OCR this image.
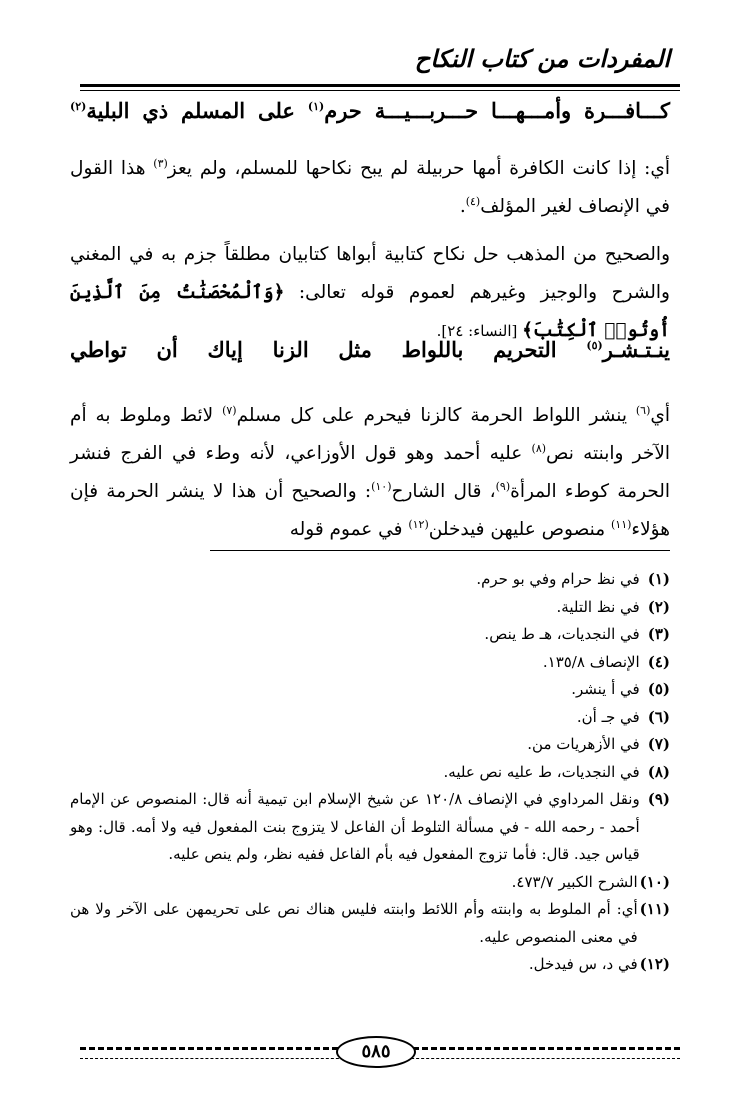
المفردات من كتاب النكاح
كـــافـــرة وأمـــهـــا حـــربـــيـــة حرم$^{(١)}$ على المسلم ذي البلية$^{(٢)}$

أي: إذا كانت الكافرة أمها حربيلة لم يبح نكاحها للمسلم، ولم يعز$^{(٣)}$ هذا القول في الإنصاف لغير المؤلف$^{(٤)}$.

والصحيح من المذهب حل نكاح كتابية أبواها كتابيان مطلقاً جزم به في المغني والشرح والوجيز وغيرهم لعموم قوله تعالى: ﴿وَٱلْمُحْصَنَٰتُ مِنَ ٱلَّذِينَ أُوتُوا۟ ٱلْكِتَٰبَ﴾ [النساء: ٢٤].

ينـتـشـر$^{(٥)}$ التحريم باللواط مثل الزنا إياك أن تواطي

أي$^{(٦)}$ ينشر اللواط الحرمة كالزنا فيحرم على كل مسلم$^{(٧)}$ لائط وملوط به أم الآخر وابنته نص$^{(٨)}$ عليه أحمد وهو قول الأوزاعي، لأنه وطء في الفرج فنشر الحرمة كوطء المرأة$^{(٩)}$، قال الشارح$^{(١٠)}$: والصحيح أن هذا لا ينشر الحرمة فإن هؤلاء$^{(١١)}$ منصوص عليهن فيدخلن$^{(١٢)}$ في عموم قوله

(١)
في نظ حرام وفي بو حرم.
(٢)
في نظ التلية.
(٣)
في النجديات، هـ ط ينص.
(٤)
الإنصاف ١٣٥/٨.
(٥)
في أ ينشر.
(٦)
في جـ أن.
(٧)
في الأزهريات من.
(٨)
في النجديات، ط عليه نص عليه.
(٩)
ونقل المرداوي في الإنصاف ١٢٠/٨ عن شيخ الإسلام ابن تيمية أنه قال: المنصوص عن الإمام أحمد - رحمه الله - في مسألة التلوط أن الفاعل لا يتزوج بنت المفعول فيه ولا أمه. قال: وهو قياس جيد. قال: فأما تزوج المفعول فيه بأم الفاعل ففيه نظر، ولم ينص عليه.
(١٠)
الشرح الكبير ٤٧٣/٧.
(١١)
أي: أم الملوط به وابنته وأم اللائط وابنته فليس هناك نص على تحريمهن على الآخر ولا هن في معنى المنصوص عليه.
(١٢)
في د، س فيدخل.
٥٨٥
